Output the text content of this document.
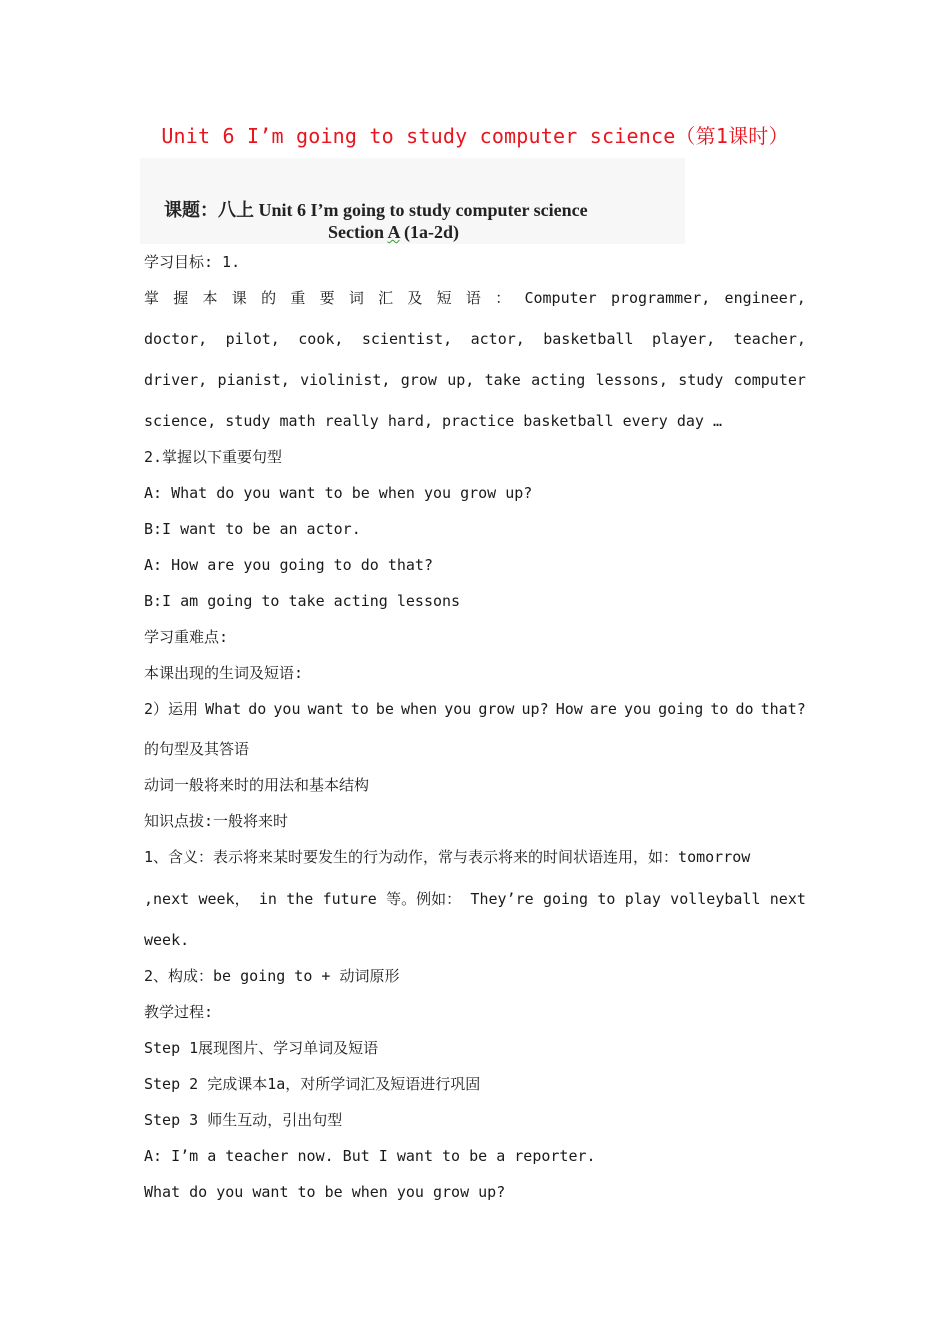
Unit 6 I’m going to study computer science（第1课时）
课题：八上 Unit 6 I’m going to study computer science
Section A (1a-2d)
学习目标: 1.
掌 握 本 课 的 重 要 词 汇 及 短 语 ： Computer programmer, engineer,
doctor, pilot, cook, scientist, actor, basketball player, teacher,
driver, pianist, violinist, grow up, take acting lessons, study computer
science, study math really hard, practice basketball every day …
2.掌握以下重要句型
A: What do you want to be when you grow up?
B:I want to be an actor.
A: How are you going to do that?
B:I am going to take acting lessons
学习重难点:
本课出现的生词及短语:
2）运用 What do you want to be when you grow up? How are you going to do that?
的句型及其答语
动词一般将来时的用法和基本结构
知识点拔:一般将来时
1、含义：表示将来某时要发生的行为动作，常与表示将来的时间状语连用，如：tomorrow
,next week， in the future 等。例如： They’re going to play volleyball next
week.
2、构成：be going to + 动词原形
教学过程:
Step 1展现图片、学习单词及短语
Step 2 完成课本1a，对所学词汇及短语进行巩固
Step 3 师生互动，引出句型
A: I’m a teacher now. But I want to be a reporter.
What do you want to be when you grow up?
